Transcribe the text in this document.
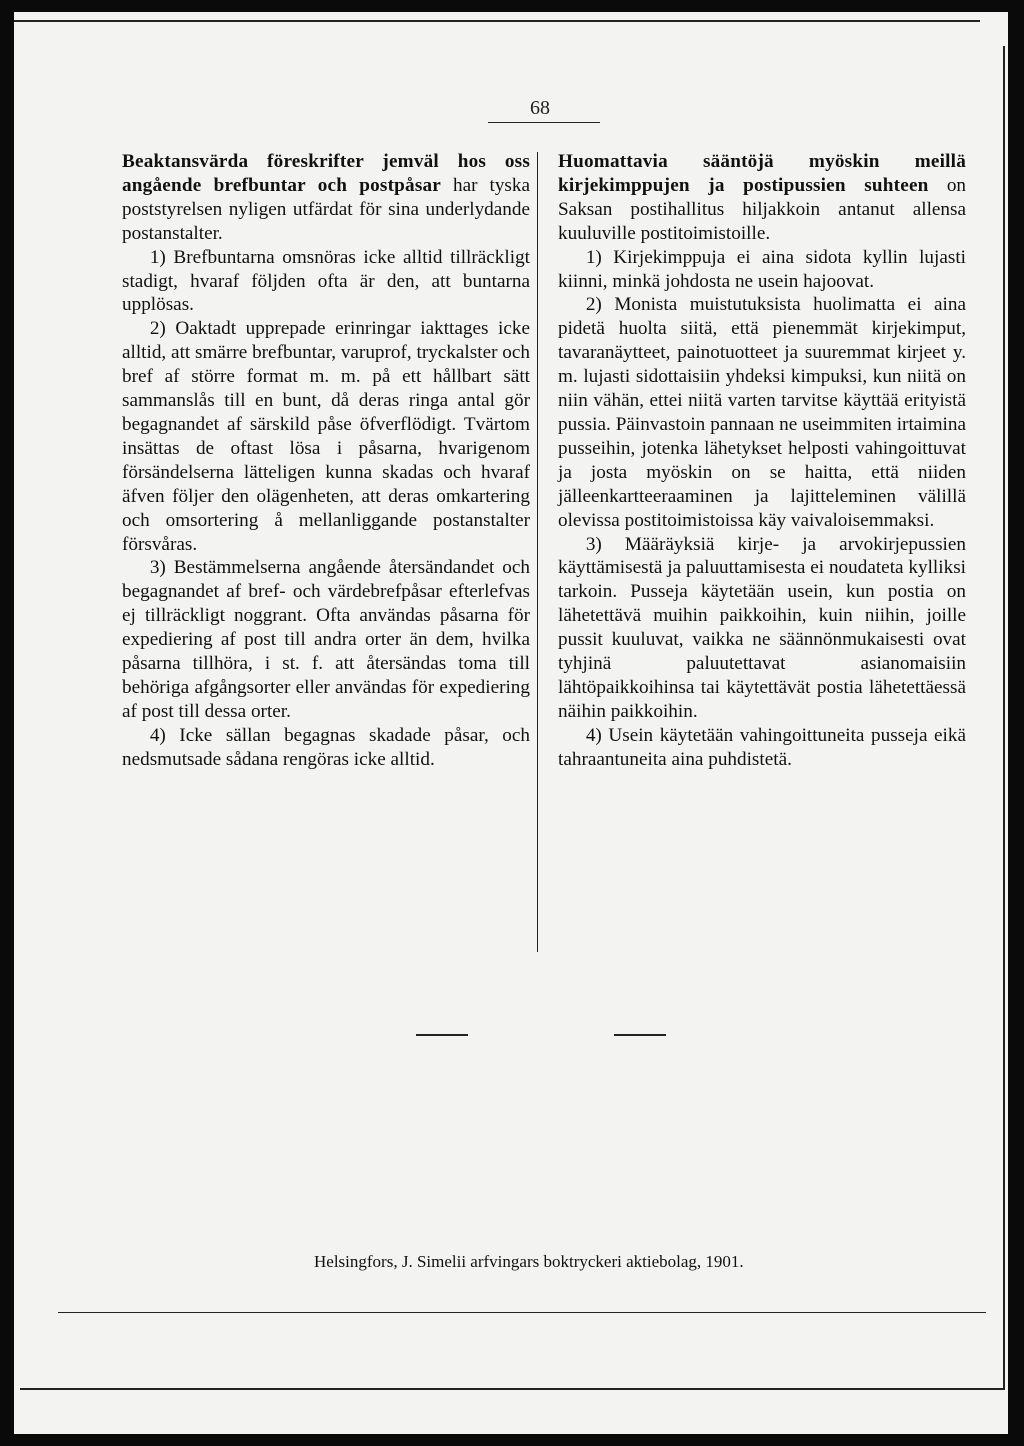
68

Beaktansvärda föreskrifter jemväl hos oss angående brefbuntar och postpåsar har tyska poststyrelsen nyligen utfärdat för sina underlydande postanstalter.

1) Brefbuntarna omsnöras icke alltid tillräckligt stadigt, hvaraf följden ofta är den, att buntarna upplösas.

2) Oaktadt upprepade erinringar iakttages icke alltid, att smärre brefbuntar, varuprof, tryckalster och bref af större format m. m. på ett hållbart sätt sammanslås till en bunt, då deras ringa antal gör begagnandet af särskild påse öfverflödigt. Tvärtom insättas de oftast lösa i påsarna, hvarigenom försändelserna lätteligen kunna skadas och hvaraf äfven följer den olägenheten, att deras omkartering och omsortering å mellanliggande postanstalter försvåras.

3) Bestämmelserna angående återsändandet och begagnandet af bref- och värdebrefpåsar efterlefvas ej tillräckligt noggrant. Ofta användas påsarna för expediering af post till andra orter än dem, hvilka påsarna tillhöra, i st. f. att återsändas toma till behöriga afgångsorter eller användas för expediering af post till dessa orter.

4) Icke sällan begagnas skadade påsar, och nedsmutsade sådana rengöras icke alltid.

Huomattavia sääntöjä myöskin meillä kirjekimppujen ja postipussien suhteen on Saksan postihallitus hiljakkoin antanut allensa kuuluville postitoimistoille.

1) Kirjekimppuja ei aina sidota kyllin lujasti kiinni, minkä johdosta ne usein hajoovat.

2) Monista muistutuksista huolimatta ei aina pidetä huolta siitä, että pienemmät kirjekimput, tavaranäytteet, painotuotteet ja suuremmat kirjeet y. m. lujasti sidottaisiin yhdeksi kimpuksi, kun niitä on niin vähän, ettei niitä varten tarvitse käyttää erityistä pussia. Päinvastoin pannaan ne useimmiten irtaimina pusseihin, jotenka lähetykset helposti vahingoittuvat ja josta myöskin on se haitta, että niiden jälleenkartteeraaminen ja lajitteleminen välillä olevissa postitoimistoissa käy vaivaloisemmaksi.

3) Määräyksiä kirje- ja arvokirjepussien käyttämisestä ja paluuttamisesta ei noudateta kylliksi tarkoin. Pusseja käytetään usein, kun postia on lähetettävä muihin paikkoihin, kuin niihin, joille pussit kuuluvat, vaikka ne säännönmukaisesti ovat tyhjinä paluutettavat asianomaisiin lähtöpaikkoihinsa tai käytettävät postia lähetettäessä näihin paikkoihin.

4) Usein käytetään vahingoittuneita pusseja eikä tahraantuneita aina puhdistetä.

Helsingfors, J. Simelii arfvingars boktryckeri aktiebolag, 1901.
